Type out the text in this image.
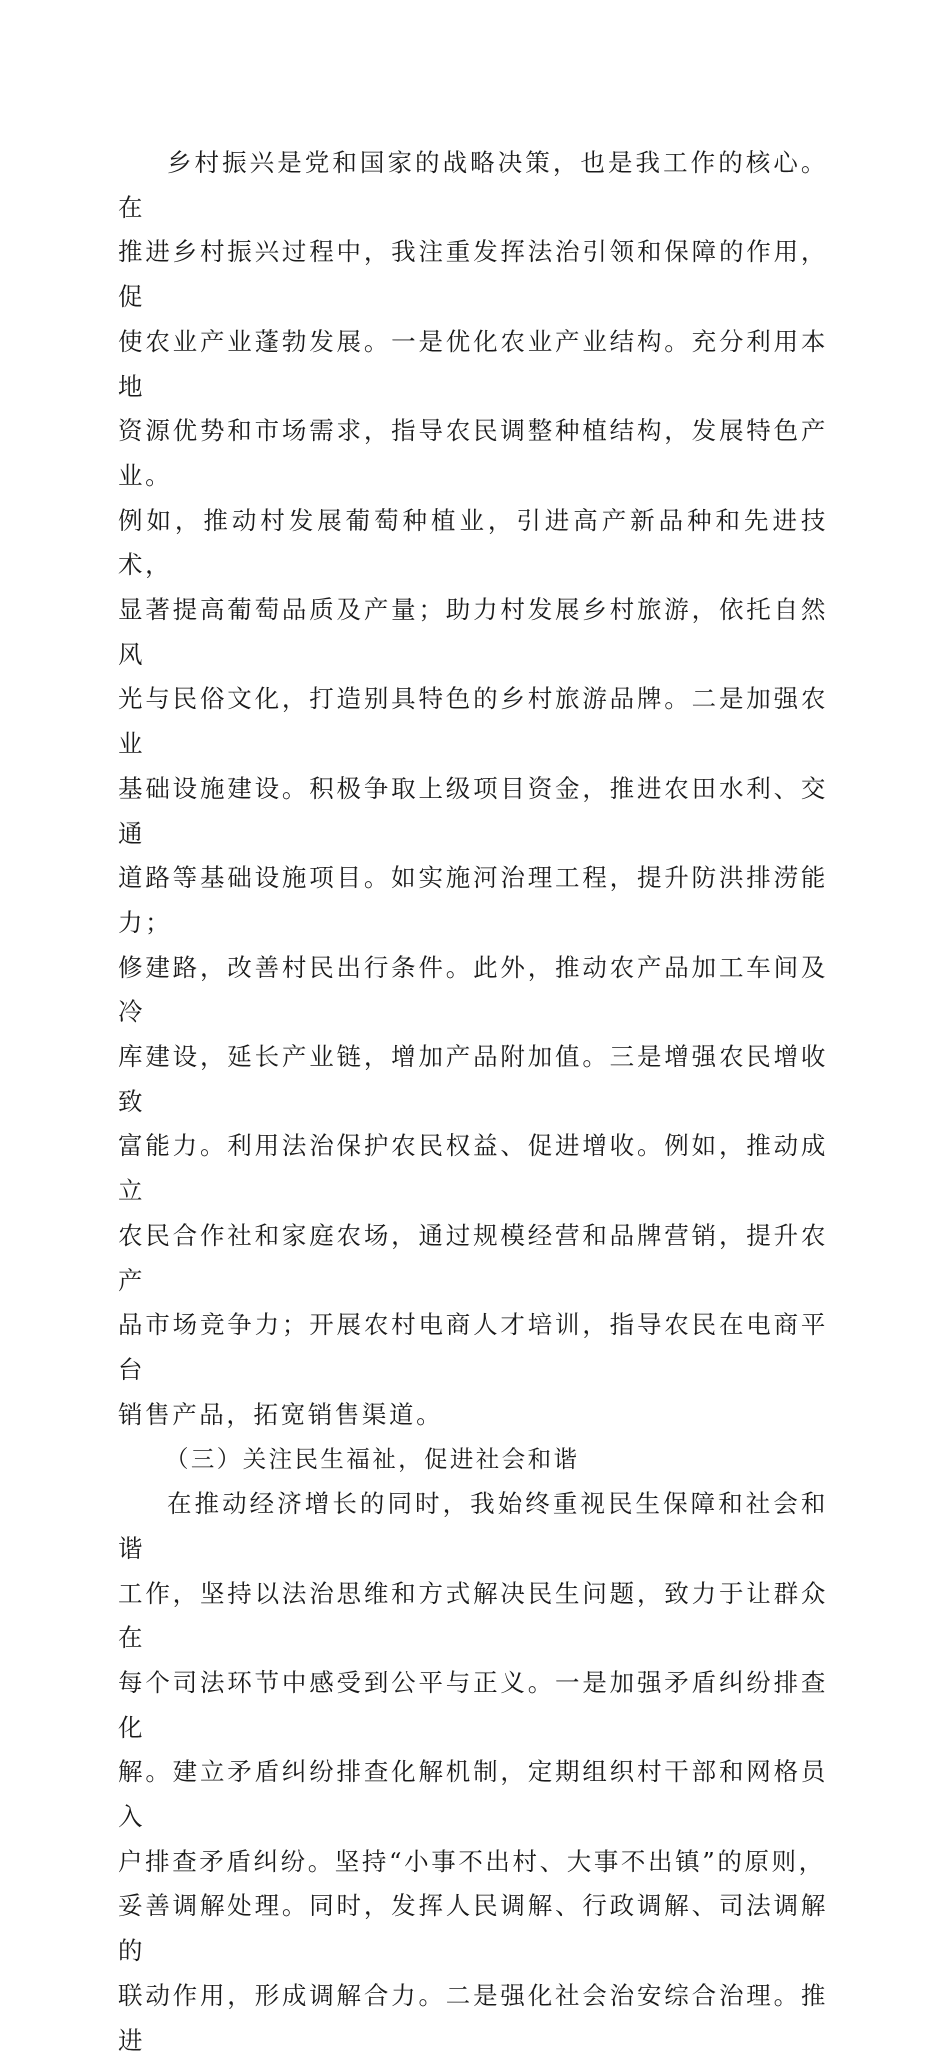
乡村振兴是党和国家的战略决策，也是我工作的核心。在
推进乡村振兴过程中，我注重发挥法治引领和保障的作用，促
使农业产业蓬勃发展。一是优化农业产业结构。充分利用本地
资源优势和市场需求，指导农民调整种植结构，发展特色产业。
例如，推动村发展葡萄种植业，引进高产新品种和先进技术，
显著提高葡萄品质及产量；助力村发展乡村旅游，依托自然风
光与民俗文化，打造别具特色的乡村旅游品牌。二是加强农业
基础设施建设。积极争取上级项目资金，推进农田水利、交通
道路等基础设施项目。如实施河治理工程，提升防洪排涝能力；
修建路，改善村民出行条件。此外，推动农产品加工车间及冷
库建设，延长产业链，增加产品附加值。三是增强农民增收致
富能力。利用法治保护农民权益、促进增收。例如，推动成立
农民合作社和家庭农场，通过规模经营和品牌营销，提升农产
品市场竞争力；开展农村电商人才培训，指导农民在电商平台
销售产品，拓宽销售渠道。

（三）关注民生福祉，促进社会和谐

在推动经济增长的同时，我始终重视民生保障和社会和谐
工作，坚持以法治思维和方式解决民生问题，致力于让群众在
每个司法环节中感受到公平与正义。一是加强矛盾纠纷排查化
解。建立矛盾纠纷排查化解机制，定期组织村干部和网格员入
户排查矛盾纠纷。坚持“小事不出村、大事不出镇”的原则，
妥善调解处理。同时，发挥人民调解、行政调解、司法调解的
联动作用，形成调解合力。二是强化社会治安综合治理。推进
